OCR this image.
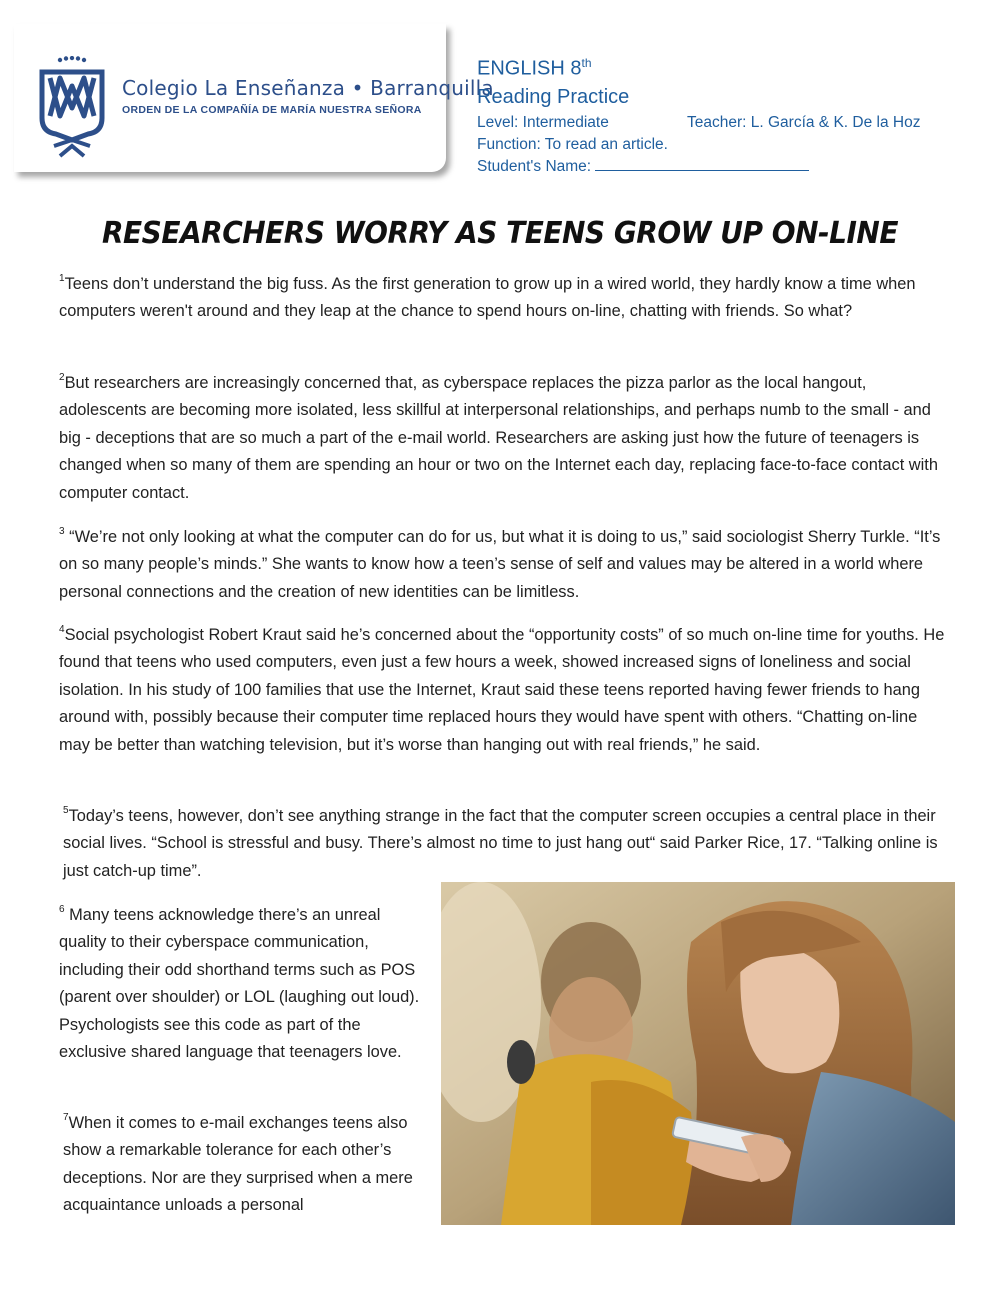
Colegio La Enseñanza • Barranquilla
ORDEN DE LA COMPAÑÍA DE MARÍA NUESTRA SEÑORA
ENGLISH 8th
Reading Practice
Level: Intermediate	Teacher: L. García & K. De la Hoz
Function: To read an article.
Student's Name:
RESEARCHERS WORRY AS TEENS GROW UP ON-LINE

$^1$Teens don’t understand the big fuss. As the first generation to grow up in a wired world, they hardly know a time when computers weren't around and they leap at the chance to spend hours on-line, chatting with friends. So what?

$^2$But researchers are increasingly concerned that, as cyberspace replaces the pizza parlor as the local hangout, adolescents are becoming more isolated, less skillful at interpersonal relationships, and perhaps numb to the small - and big - deceptions that are so much a part of the e-mail world. Researchers are asking just how the future of teenagers is changed when so many of them are spending an hour or two on the Internet each day, replacing face-to-face contact with computer contact.

$^3$ “We’re not only looking at what the computer can do for us, but what it is doing to us,” said sociologist Sherry Turkle. “It’s on so many people’s minds.” She wants to know how a teen’s sense of self and values may be altered in a world where personal connections and the creation of new identities can be limitless.

$^4$Social psychologist Robert Kraut said he’s concerned about the “opportunity costs” of so much on-line time for youths. He found that teens who used computers, even just a few hours a week, showed increased signs of loneliness and social isolation. In his study of 100 families that use the Internet, Kraut said these teens reported having fewer friends to hang around with, possibly because their computer time replaced hours they would have spent with others. “Chatting on-line may be better than watching television, but it’s worse than hanging out with real friends,” he said.

$^5$Today’s teens, however, don’t see anything strange in the fact that the computer screen occupies a central place in their social lives. “School is stressful and busy. There’s almost no time to just hang out“ said Parker Rice, 17. “Talking online is just catch-up time”.

$^6$ Many teens acknowledge there’s an unreal quality to their cyberspace communication, including their odd shorthand terms such as POS (parent over shoulder) or LOL (laughing out loud). Psychologists see this code as part of the exclusive shared language that teenagers love.

$^7$When it comes to e-mail exchanges teens also show a remarkable tolerance for each other’s deceptions. Nor are they surprised when a mere acquaintance unloads a personal
